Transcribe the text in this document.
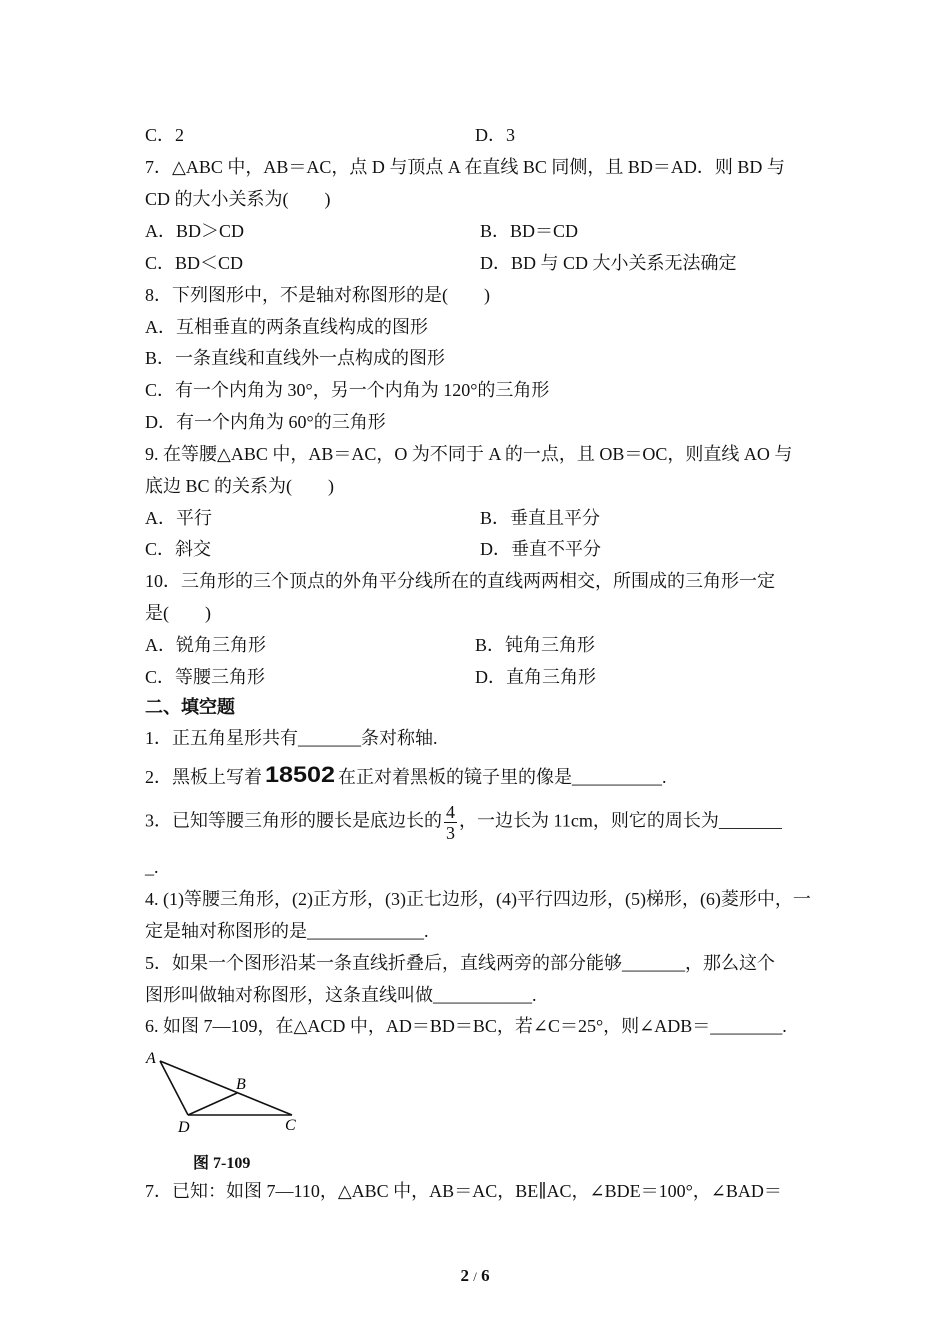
C．2	D．3
7．△ABC 中，AB＝AC，点 D 与顶点 A 在直线 BC 同侧，且 BD＝AD．则 BD 与
CD 的大小关系为(　　)
A．BD＞CD	B．BD＝CD
C．BD＜CD	D．BD 与 CD 大小关系无法确定
8．下列图形中，不是轴对称图形的是(　　)
A．互相垂直的两条直线构成的图形
B．一条直线和直线外一点构成的图形
C．有一个内角为 30°，另一个内角为 120°的三角形
D．有一个内角为 60°的三角形
9. 在等腰△ABC 中，AB＝AC，O 为不同于 A 的一点，且 OB＝OC，则直线 AO 与
底边 BC 的关系为(　　)
A．平行	B．垂直且平分
C．斜交	D．垂直不平分
10．三角形的三个顶点的外角平分线所在的直线两两相交，所围成的三角形一定
是(　　)
A．锐角三角形	B．钝角三角形
C．等腰三角形	D．直角三角形
二、填空题
1．正五角星形共有_______条对称轴.
2．黑板上写着 18502 在正对着黑板的镜子里的像是__________.
3．已知等腰三角形的腰长是底边长的 $\frac{4}{3}$ ，一边长为 11cm，则它的周长为_______
_.
4. (1)等腰三角形，(2)正方形，(3)正七边形，(4)平行四边形，(5)梯形，(6)菱形中，一
定是轴对称图形的是_____________.
5．如果一个图形沿某一条直线折叠后，直线两旁的部分能够_______，那么这个
图形叫做轴对称图形，这条直线叫做___________.
6. 如图 7—109，在△ACD 中，AD＝BD＝BC，若∠C＝25°，则∠ADB＝________.
A
B
D	C
图 7-109
7．已知：如图 7—110，△ABC 中，AB＝AC，BE∥AC，∠BDE＝100°，∠BAD＝
2 / 6
